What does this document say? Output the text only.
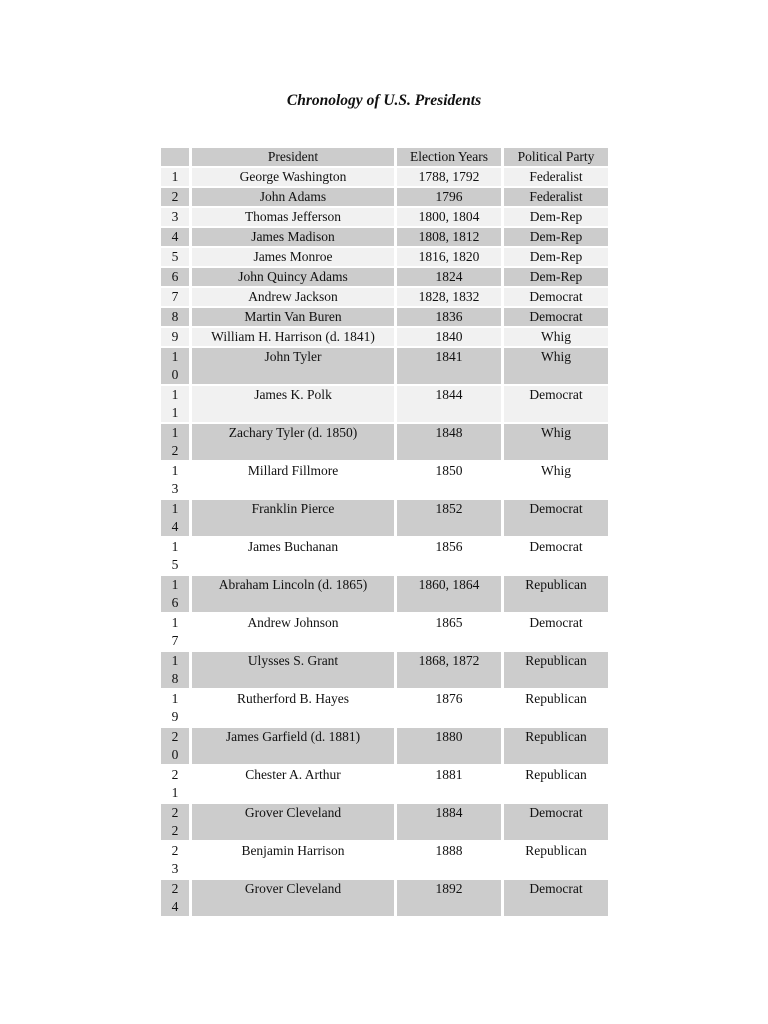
Chronology of U.S. Presidents
	President	Election Years	Political Party

1	George Washington	1788, 1792	Federalist

2	John Adams	1796	Federalist

3	Thomas Jefferson	1800, 1804	Dem-Rep

4	James Madison	1808, 1812	Dem-Rep

5	James Monroe	1816, 1820	Dem-Rep

6	John Quincy Adams	1824	Dem-Rep

7	Andrew Jackson	1828, 1832	Democrat

8	Martin Van Buren	1836	Democrat

9	William H. Harrison (d. 1841)	1840	Whig

10	John Tyler	1841	Whig

11	James K. Polk	1844	Democrat

12	Zachary Tyler (d. 1850)	1848	Whig

13	Millard Fillmore	1850	Whig

14	Franklin Pierce	1852	Democrat

15	James Buchanan	1856	Democrat

16	Abraham Lincoln (d. 1865)	1860, 1864	Republican

17	Andrew Johnson	1865	Democrat

18	Ulysses S. Grant	1868, 1872	Republican

19	Rutherford B. Hayes	1876	Republican

20	James Garfield (d. 1881)	1880	Republican

21	Chester A. Arthur	1881	Republican

22	Grover Cleveland	1884	Democrat

23	Benjamin Harrison	1888	Republican

24	Grover Cleveland	1892	Democrat
